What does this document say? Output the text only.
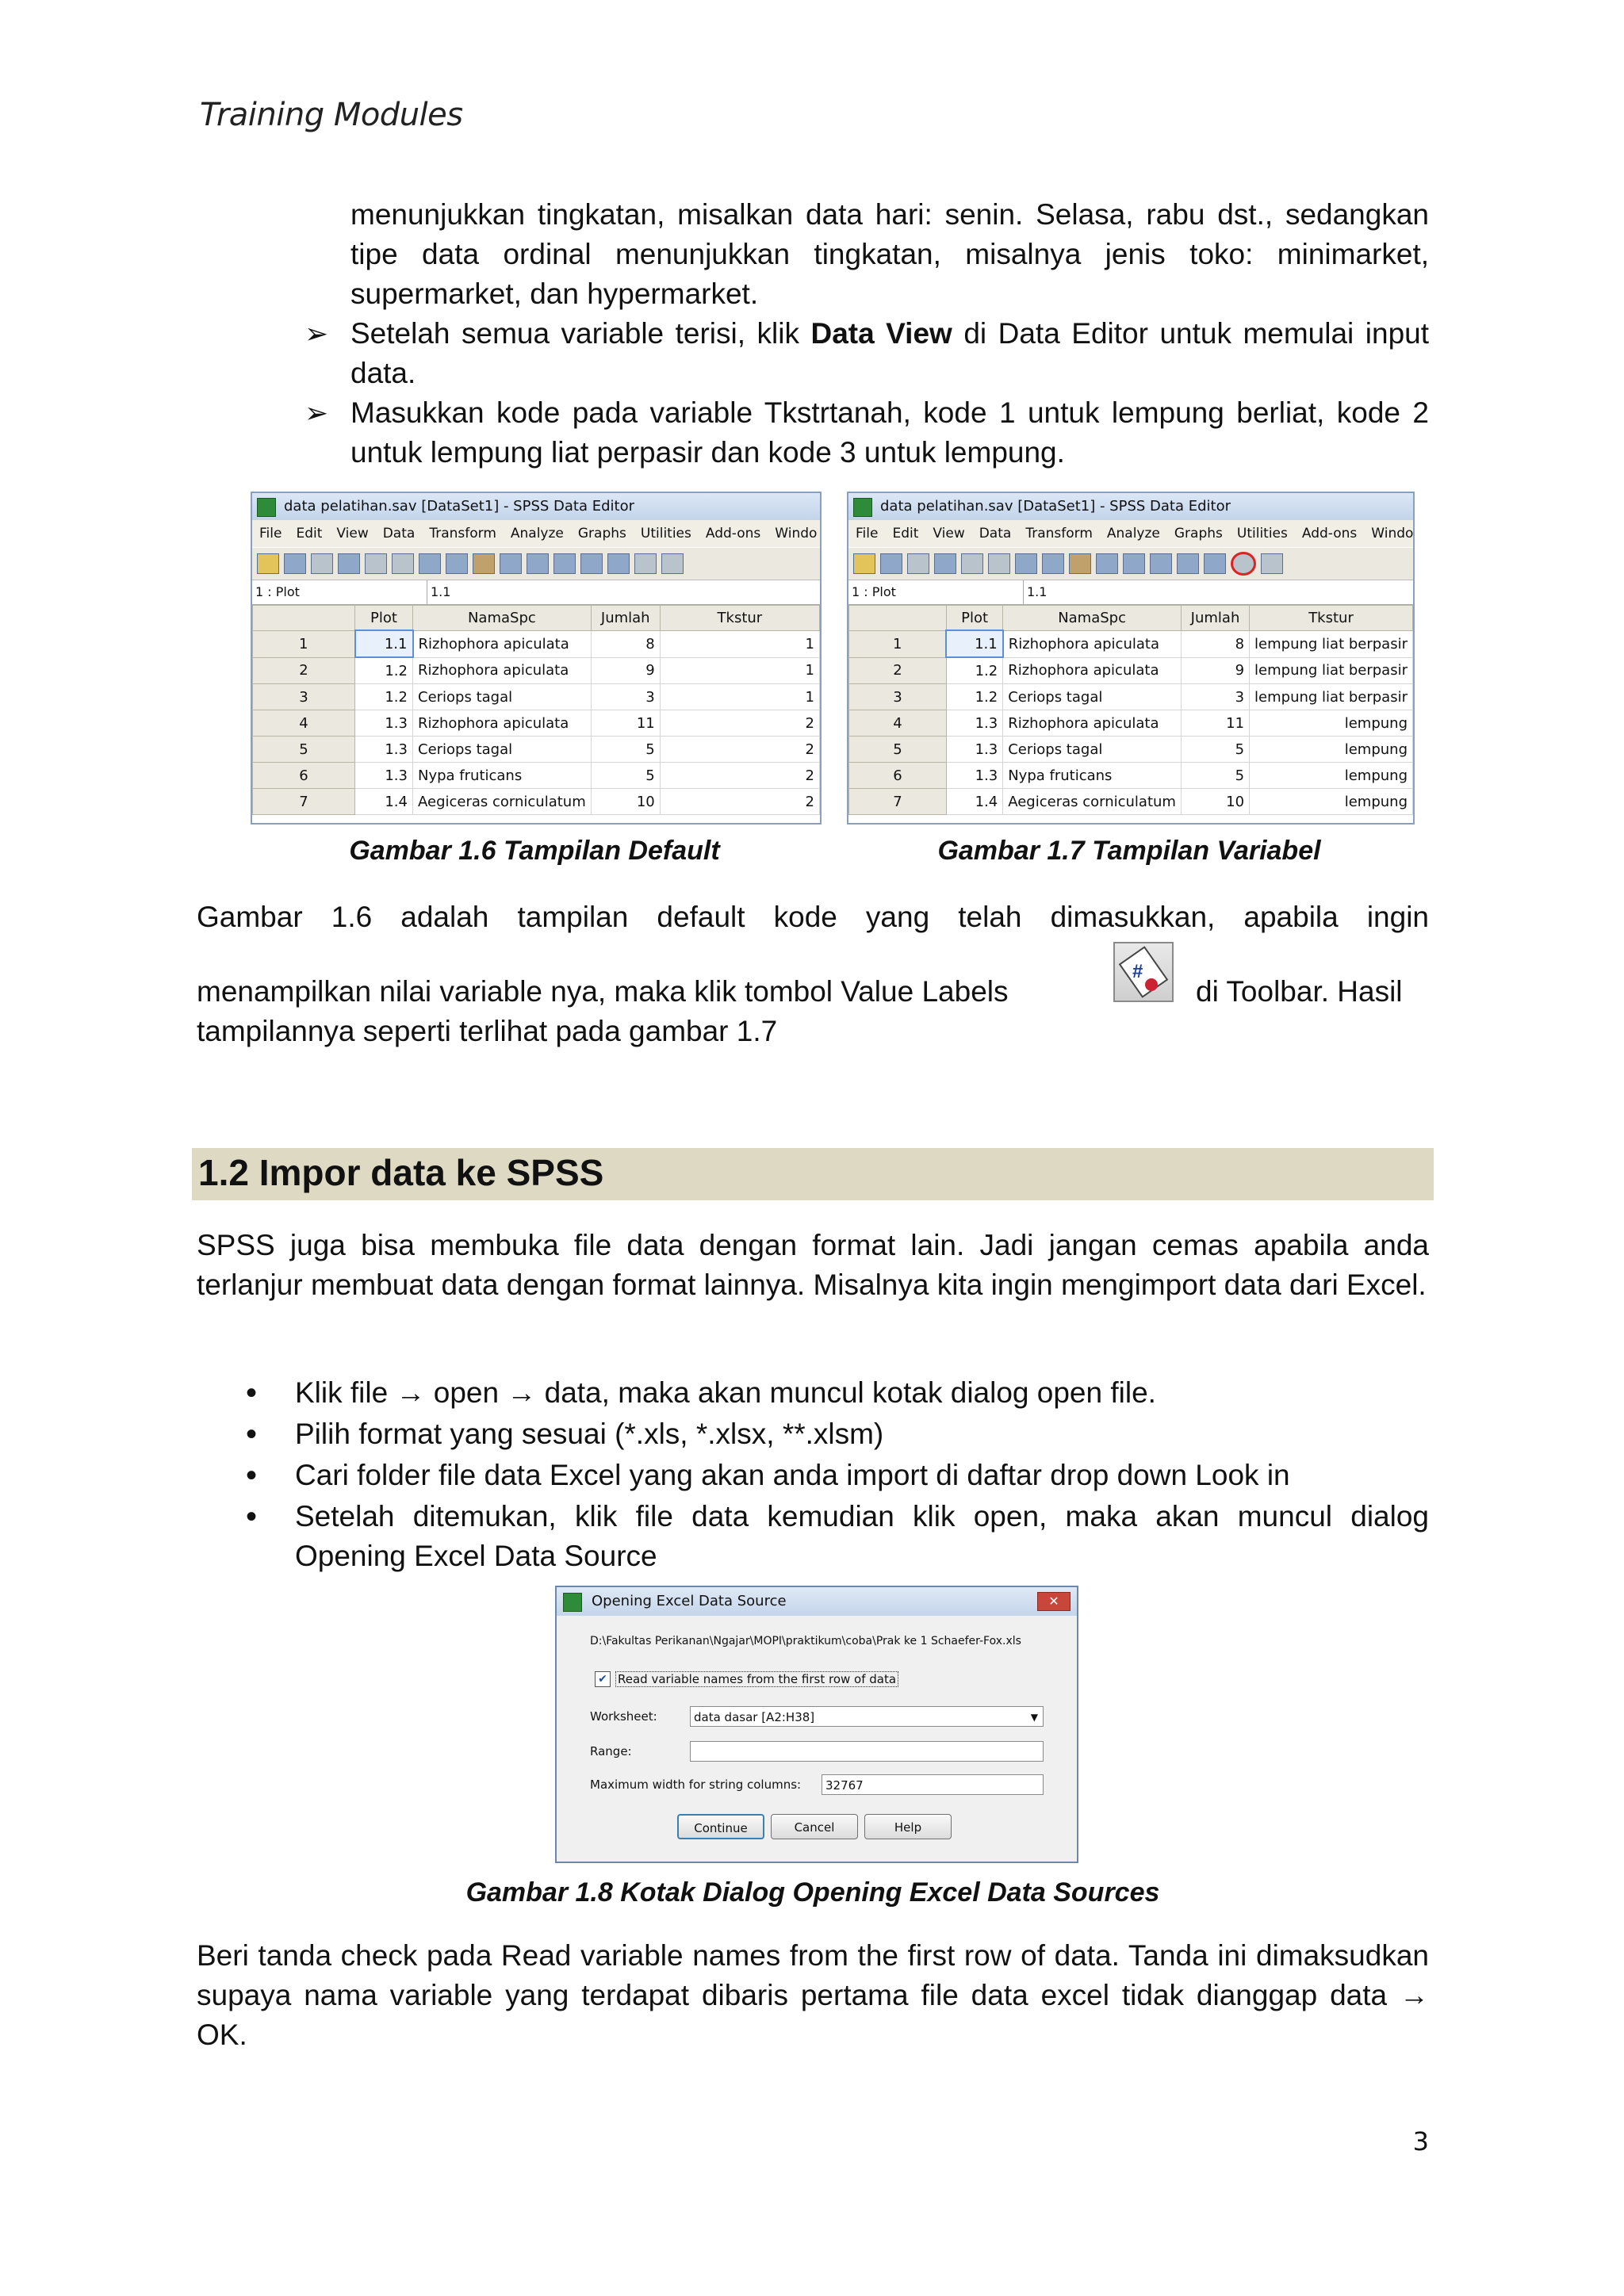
Training Modules
menunjukkan tingkatan, misalkan data hari: senin. Selasa, rabu dst., sedangkan tipe data ordinal menunjukkan tingkatan, misalnya jenis toko: minimarket, supermarket, dan hypermarket.
➢ Setelah semua variable terisi, klik Data View di Data Editor untuk memulai input data.
➢ Masukkan kode pada variable Tkstrtanah, kode 1 untuk lempung berliat, kode 2 untuk lempung liat perpasir dan kode 3 untuk lempung.
data pelatihan.sav [DataSet1] - SPSS Data Editor
File Edit View Data Transform Analyze Graphs Utilities Add-ons Windo
1 : Plot	1.1
	Plot	NamaSpc	Jumlah	Tkstur
1	1.1	Rizhophora apiculata	8	1
2	1.2	Rizhophora apiculata	9	1
3	1.2	Ceriops tagal	3	1
4	1.3	Rizhophora apiculata	11	2
5	1.3	Ceriops tagal	5	2
6	1.3	Nypa fruticans	5	2
7	1.4	Aegiceras corniculatum	10	2
Gambar 1.6 Tampilan Default
data pelatihan.sav [DataSet1] - SPSS Data Editor
File Edit View Data Transform Analyze Graphs Utilities Add-ons Windo
1 : Plot	1.1
	Plot	NamaSpc	Jumlah	Tkstur
1	1.1	Rizhophora apiculata	8	lempung liat berpasir
2	1.2	Rizhophora apiculata	9	lempung liat berpasir
3	1.2	Ceriops tagal	3	lempung liat berpasir
4	1.3	Rizhophora apiculata	11	lempung
5	1.3	Ceriops tagal	5	lempung
6	1.3	Nypa fruticans	5	lempung
7	1.4	Aegiceras corniculatum	10	lempung
Gambar 1.7 Tampilan Variabel
Gambar 1.6 adalah tampilan default kode yang telah dimasukkan, apabila ingin
menampilkan nilai variable nya, maka klik tombol Value Labels
#
di Toolbar. Hasil
tampilannya seperti terlihat pada gambar 1.7
1.2 Impor data ke SPSS
SPSS juga bisa membuka file data dengan format lain. Jadi jangan cemas apabila anda terlanjur membuat data dengan format lainnya. Misalnya kita ingin mengimport data dari Excel.
• Klik file → open → data, maka akan muncul kotak dialog open file.
• Pilih format yang sesuai (*.xls, *.xlsx, **.xlsm)
• Cari folder file data Excel yang akan anda import di daftar drop down Look in
• Setelah ditemukan, klik file data kemudian klik open, maka akan muncul dialog Opening Excel Data Source
Opening Excel Data Source	✕
D:\Fakultas Perikanan\Ngajar\MOPI\praktikum\coba\Prak ke 1 Schaefer-Fox.xls
✔ Read variable names from the first row of data
Worksheet:	data dasar [A2:H38]	▼
Range:
Maximum width for string columns:	32767
Continue	Cancel	Help
Gambar 1.8 Kotak Dialog Opening Excel Data Sources
Beri tanda check pada Read variable names from the first row of data. Tanda ini dimaksudkan supaya nama variable yang terdapat dibaris pertama file data excel tidak dianggap data → OK.
3
